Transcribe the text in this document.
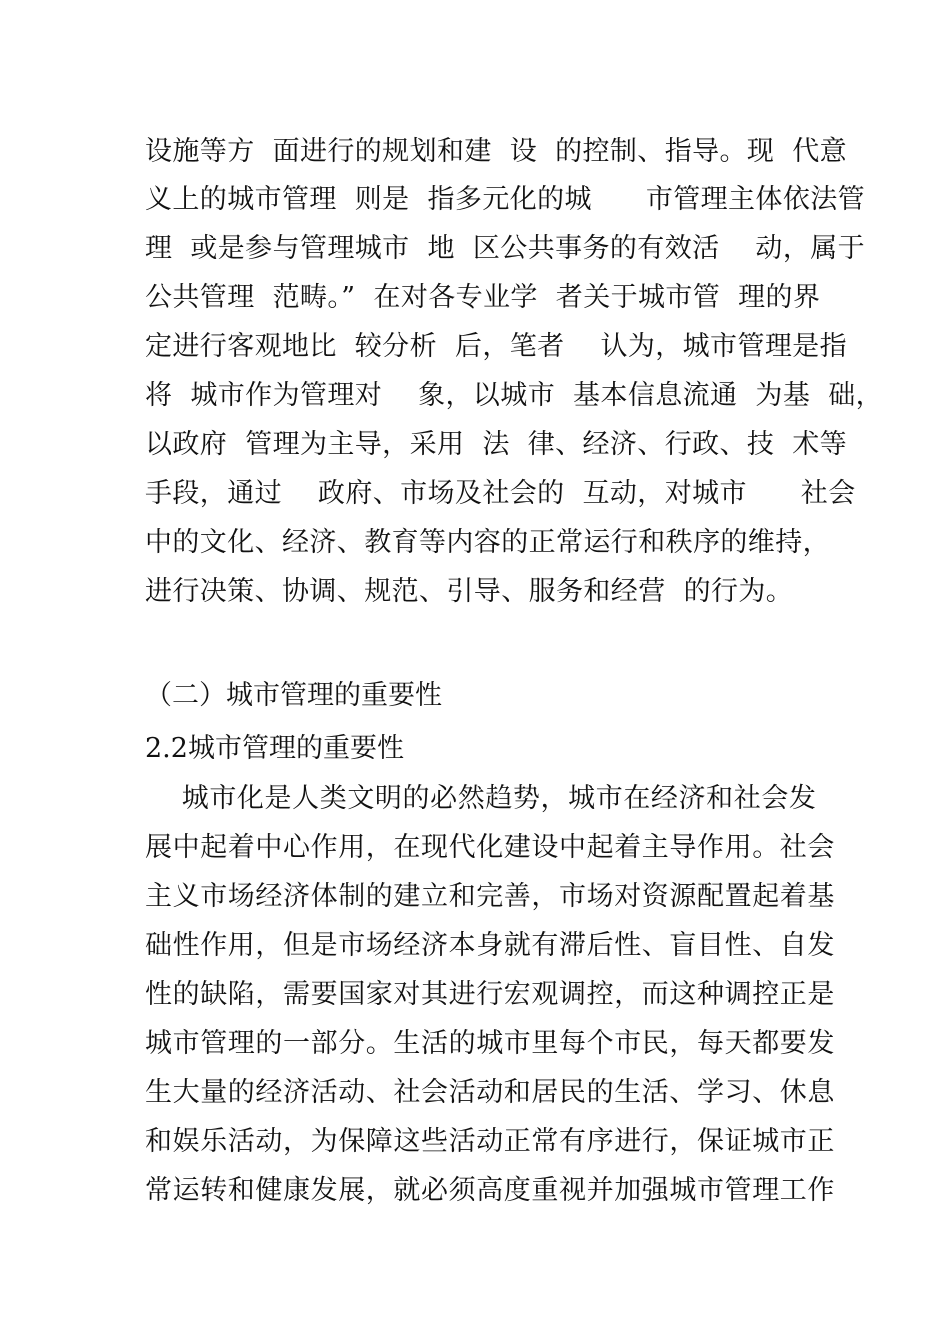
设施等方  面进行的规划和建  设  的控制、指导。现  代意
义上的城市管理  则是  指多元化的城      市管理主体依法管
理  或是参与管理城市  地  区公共事务的有效活    动，属于
公共管理  范畴。”  在对各专业学  者关于城市管  理的界
定进行客观地比  较分析  后，笔者    认为，城市管理是指
将  城市作为管理对    象，以城市  基本信息流通  为基  础，
以政府  管理为主导，采用  法  律、经济、行政、技  术等
手段，通过    政府、市场及社会的  互动，对城市      社会
中的文化、经济、教育等内容的正常运行和秩序的维持，
进行决策、协调、规范、引导、服务和经营  的行为。
（二）城市管理的重要性
2.2城市管理的重要性
城市化是人类文明的必然趋势，城市在经济和社会发
展中起着中心作用，在现代化建设中起着主导作用。社会
主义市场经济体制的建立和完善，市场对资源配置起着基
础性作用，但是市场经济本身就有滞后性、盲目性、自发
性的缺陷，需要国家对其进行宏观调控，而这种调控正是
城市管理的一部分。生活的城市里每个市民，每天都要发
生大量的经济活动、社会活动和居民的生活、学习、休息
和娱乐活动，为保障这些活动正常有序进行，保证城市正
常运转和健康发展，就必须高度重视并加强城市管理工作
